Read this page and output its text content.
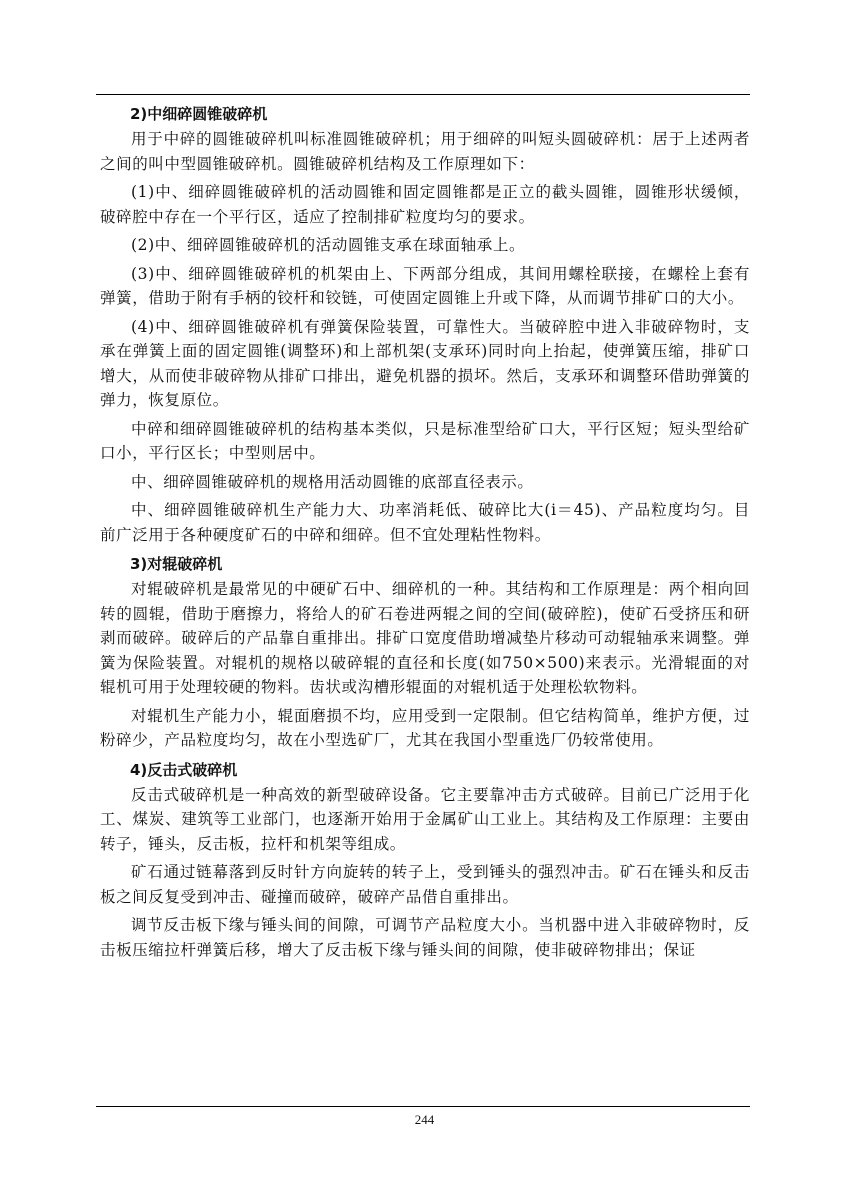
2)中细碎圆锥破碎机

用于中碎的圆锥破碎机叫标准圆锥破碎机；用于细碎的叫短头圆破碎机：居于上述两者之间的叫中型圆锥破碎机。圆锥破碎机结构及工作原理如下：

(1)中、细碎圆锥破碎机的活动圆锥和固定圆锥都是正立的截头圆锥，圆锥形状缓倾，破碎腔中存在一个平行区，适应了控制排矿粒度均匀的要求。

(2)中、细碎圆锥破碎机的活动圆锥支承在球面轴承上。

(3)中、细碎圆锥破碎机的机架由上、下两部分组成，其间用螺栓联接，在螺栓上套有弹簧，借助于附有手柄的铰杆和铰链，可使固定圆锥上升或下降，从而调节排矿口的大小。

(4)中、细碎圆锥破碎机有弹簧保险装置，可靠性大。当破碎腔中进入非破碎物时，支承在弹簧上面的固定圆锥(调整环)和上部机架(支承环)同时向上抬起，使弹簧压缩，排矿口增大，从而使非破碎物从排矿口排出，避免机器的损坏。然后，支承环和调整环借助弹簧的弹力，恢复原位。

中碎和细碎圆锥破碎机的结构基本类似，只是标准型给矿口大，平行区短；短头型给矿口小，平行区长；中型则居中。

中、细碎圆锥破碎机的规格用活动圆锥的底部直径表示。

中、细碎圆锥破碎机生产能力大、功率消耗低、破碎比大(i＝45)、产品粒度均匀。目前广泛用于各种硬度矿石的中碎和细碎。但不宜处理粘性物料。

3)对辊破碎机

对辊破碎机是最常见的中硬矿石中、细碎机的一种。其结构和工作原理是：两个相向回转的圆辊，借助于磨擦力，将给人的矿石卷进两辊之间的空间(破碎腔)，使矿石受挤压和研剥而破碎。破碎后的产品靠自重排出。排矿口宽度借助增减垫片移动可动辊轴承来调整。弹簧为保险装置。对辊机的规格以破碎辊的直径和长度(如750×500)来表示。光滑辊面的对辊机可用于处理较硬的物料。齿状或沟槽形辊面的对辊机适于处理松软物料。

对辊机生产能力小，辊面磨损不均，应用受到一定限制。但它结构简单，维护方便，过粉碎少，产品粒度均匀，故在小型选矿厂，尤其在我国小型重选厂仍较常使用。

4)反击式破碎机

反击式破碎机是一种高效的新型破碎设备。它主要靠冲击方式破碎。目前已广泛用于化工、煤炭、建筑等工业部门，也逐渐开始用于金属矿山工业上。其结构及工作原理：主要由转子，锤头，反击板，拉杆和机架等组成。

矿石通过链幕落到反时针方向旋转的转子上，受到锤头的强烈冲击。矿石在锤头和反击板之间反复受到冲击、碰撞而破碎，破碎产品借自重排出。

调节反击板下缘与锤头间的间隙，可调节产品粒度大小。当机器中进入非破碎物时，反击板压缩拉杆弹簧后移，增大了反击板下缘与锤头间的间隙，使非破碎物排出；保证

244
